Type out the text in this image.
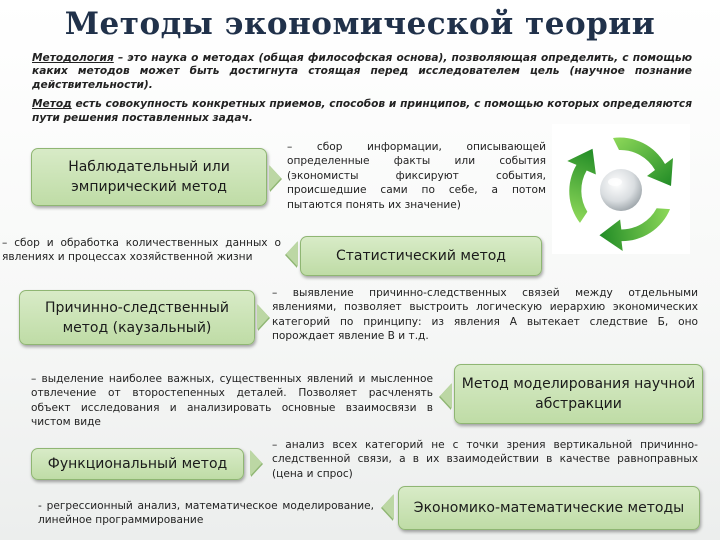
Методы экономической теории

Методология – это наука о методах (общая философская основа), позволяющая определить, с помощью каких методов может быть достигнута стоящая перед исследователем цель (научное познание действительности).

Метод есть совокупность конкретных приемов, способов и принципов, с помощью которых определяются пути решения поставленных задач.

Наблюдательный или эмпирический метод
– сбор информации, описывающей определенные факты или события (экономисты фиксируют события, происшедшие сами по себе, а потом пытаются понять их значение)
– сбор и обработка количественных данных о явлениях и процессах хозяйственной жизни	Статистический метод
Причинно-следственный метод (каузальный)
– выявление причинно-следственных связей между отдельными явлениями, позволяет выстроить логическую иерархию экономических категорий по принципу: из явления А вытекает следствие Б, оно порождает явление В и т.д.
– выделение наиболее важных, существенных явлений и мысленное отвлечение от второстепенных деталей. Позволяет расчленять объект исследования и анализировать основные взаимосвязи в чистом виде
Метод моделирования научной абстракции
Функциональный метод
– анализ всех категорий не с точки зрения вертикальной причинно-следственной связи, а в их взаимодействии в качестве равноправных (цена и спрос)
- регрессионный анализ, математическое моделирование, линейное программирование
Экономико-математические методы
